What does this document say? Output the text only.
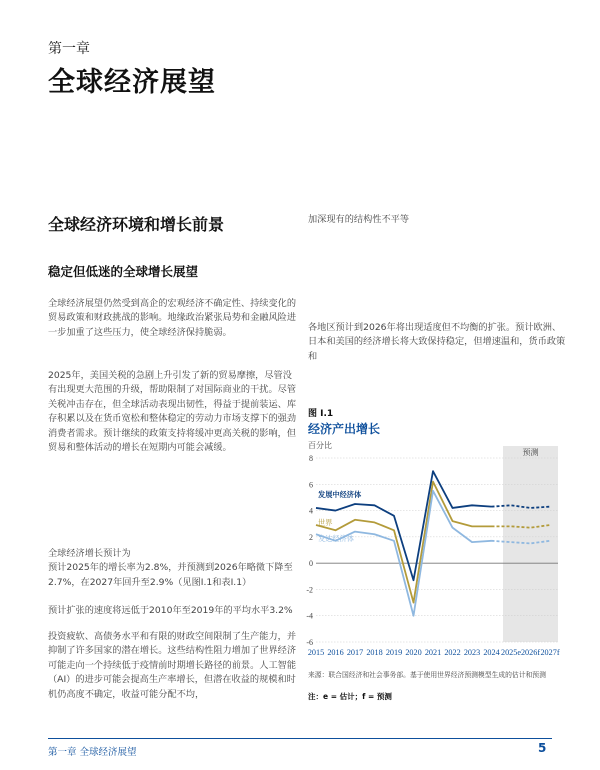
第一章
全球经济展望
全球经济环境和增长前景
稳定但低迷的全球增长展望
全球经济展望仍然受到高企的宏观经济不确定性、持续变化的贸易政策和财政挑战的影响。地缘政治紧张局势和金融风险进一步加重了这些压力，使全球经济保持脆弱。
2025年，美国关税的急剧上升引发了新的贸易摩擦，尽管没有出现更大范围的升级，帮助限制了对国际商业的干扰。尽管关税冲击存在，但全球活动表现出韧性，得益于提前装运、库存积累以及在货币宽松和整体稳定的劳动力市场支撑下的强劲消费者需求。预计继续的政策支持将缓冲更高关税的影响，但贸易和整体活动的增长在短期内可能会减缓。
全球经济增长预计为
预计2025年的增长率为2.8%，并预测到2026年略微下降至2.7%，在2027年回升至2.9%（见图I.1和表I.1）
预计扩张的速度将远低于2010年至2019年的平均水平3.2%
投资疲软、高债务水平和有限的财政空间限制了生产能力，并抑制了许多国家的潜在增长。这些结构性阻力增加了世界经济可能走向一个持续低于疫情前时期增长路径的前景。人工智能（AI）的进步可能会提高生产率增长，但潜在收益的规模和时机仍高度不确定，收益可能分配不均，
加深现有的结构性不平等
各地区预计到2026年将出现适度但不均衡的扩张。预计欧洲、日本和美国的经济增长将大致保持稳定，但增速温和，货币政策和
图 I.1
经济产出增长
预测
百分比
8
6
4
2
0
-2
-4
-6
2015 2016 2017 2018 2019 2020 2021 2022 2023 2024 2025e 2026f 2027f
发展中经济体
世界
发达经济体
来源：联合国经济和社会事务部。基于使用世界经济预测模型生成的估计和预测
注：e = 估计；f = 预测
第一章 全球经济展望	5
